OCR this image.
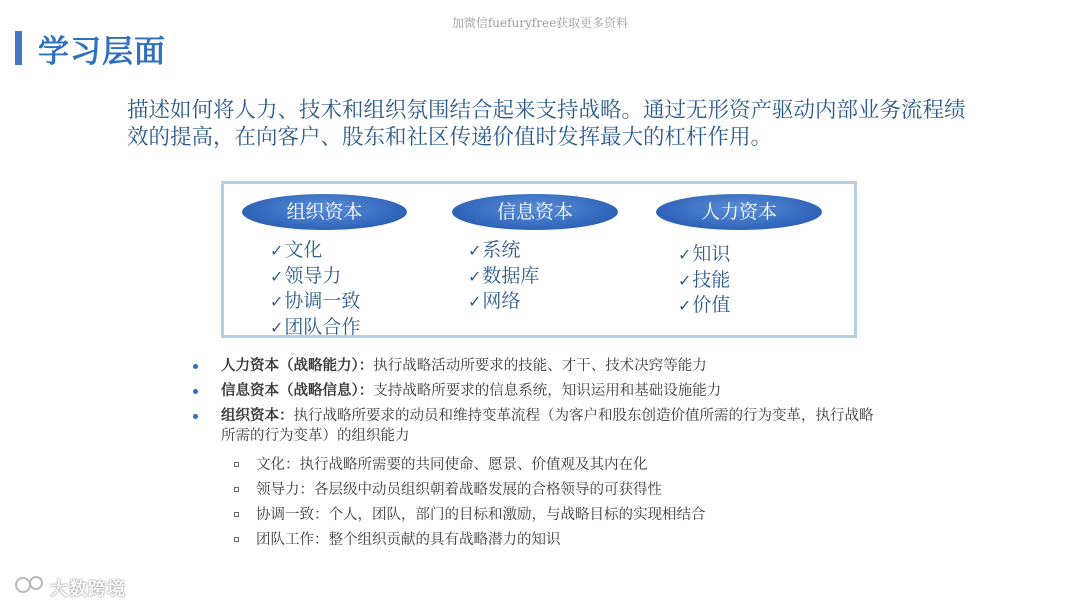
加微信fuefuryfree获取更多资料
学习层面
描述如何将人力、技术和组织氛围结合起来支持战略。通过无形资产驱动内部业务流程绩效的提高，在向客户、股东和社区传递价值时发挥最大的杠杆作用。
组织资本
✓文化
✓领导力
✓协调一致
✓团队合作
信息资本
✓系统
✓数据库
✓网络
人力资本
✓知识
✓技能
✓价值
人力资本（战略能力）：执行战略活动所要求的技能、才干、技术决窍等能力
信息资本（战略信息）：支持战略所要求的信息系统，知识运用和基础设施能力
组织资本：执行战略所要求的动员和维持变革流程（为客户和股东创造价值所需的行为变革，执行战略所需的行为变革）的组织能力
文化：执行战略所需要的共同使命、愿景、价值观及其内在化
领导力：各层级中动员组织朝着战略发展的合格领导的可获得性
协调一致：个人，团队，部门的目标和激励，与战略目标的实现相结合
团队工作：整个组织贡献的具有战略潜力的知识
大数跨境
